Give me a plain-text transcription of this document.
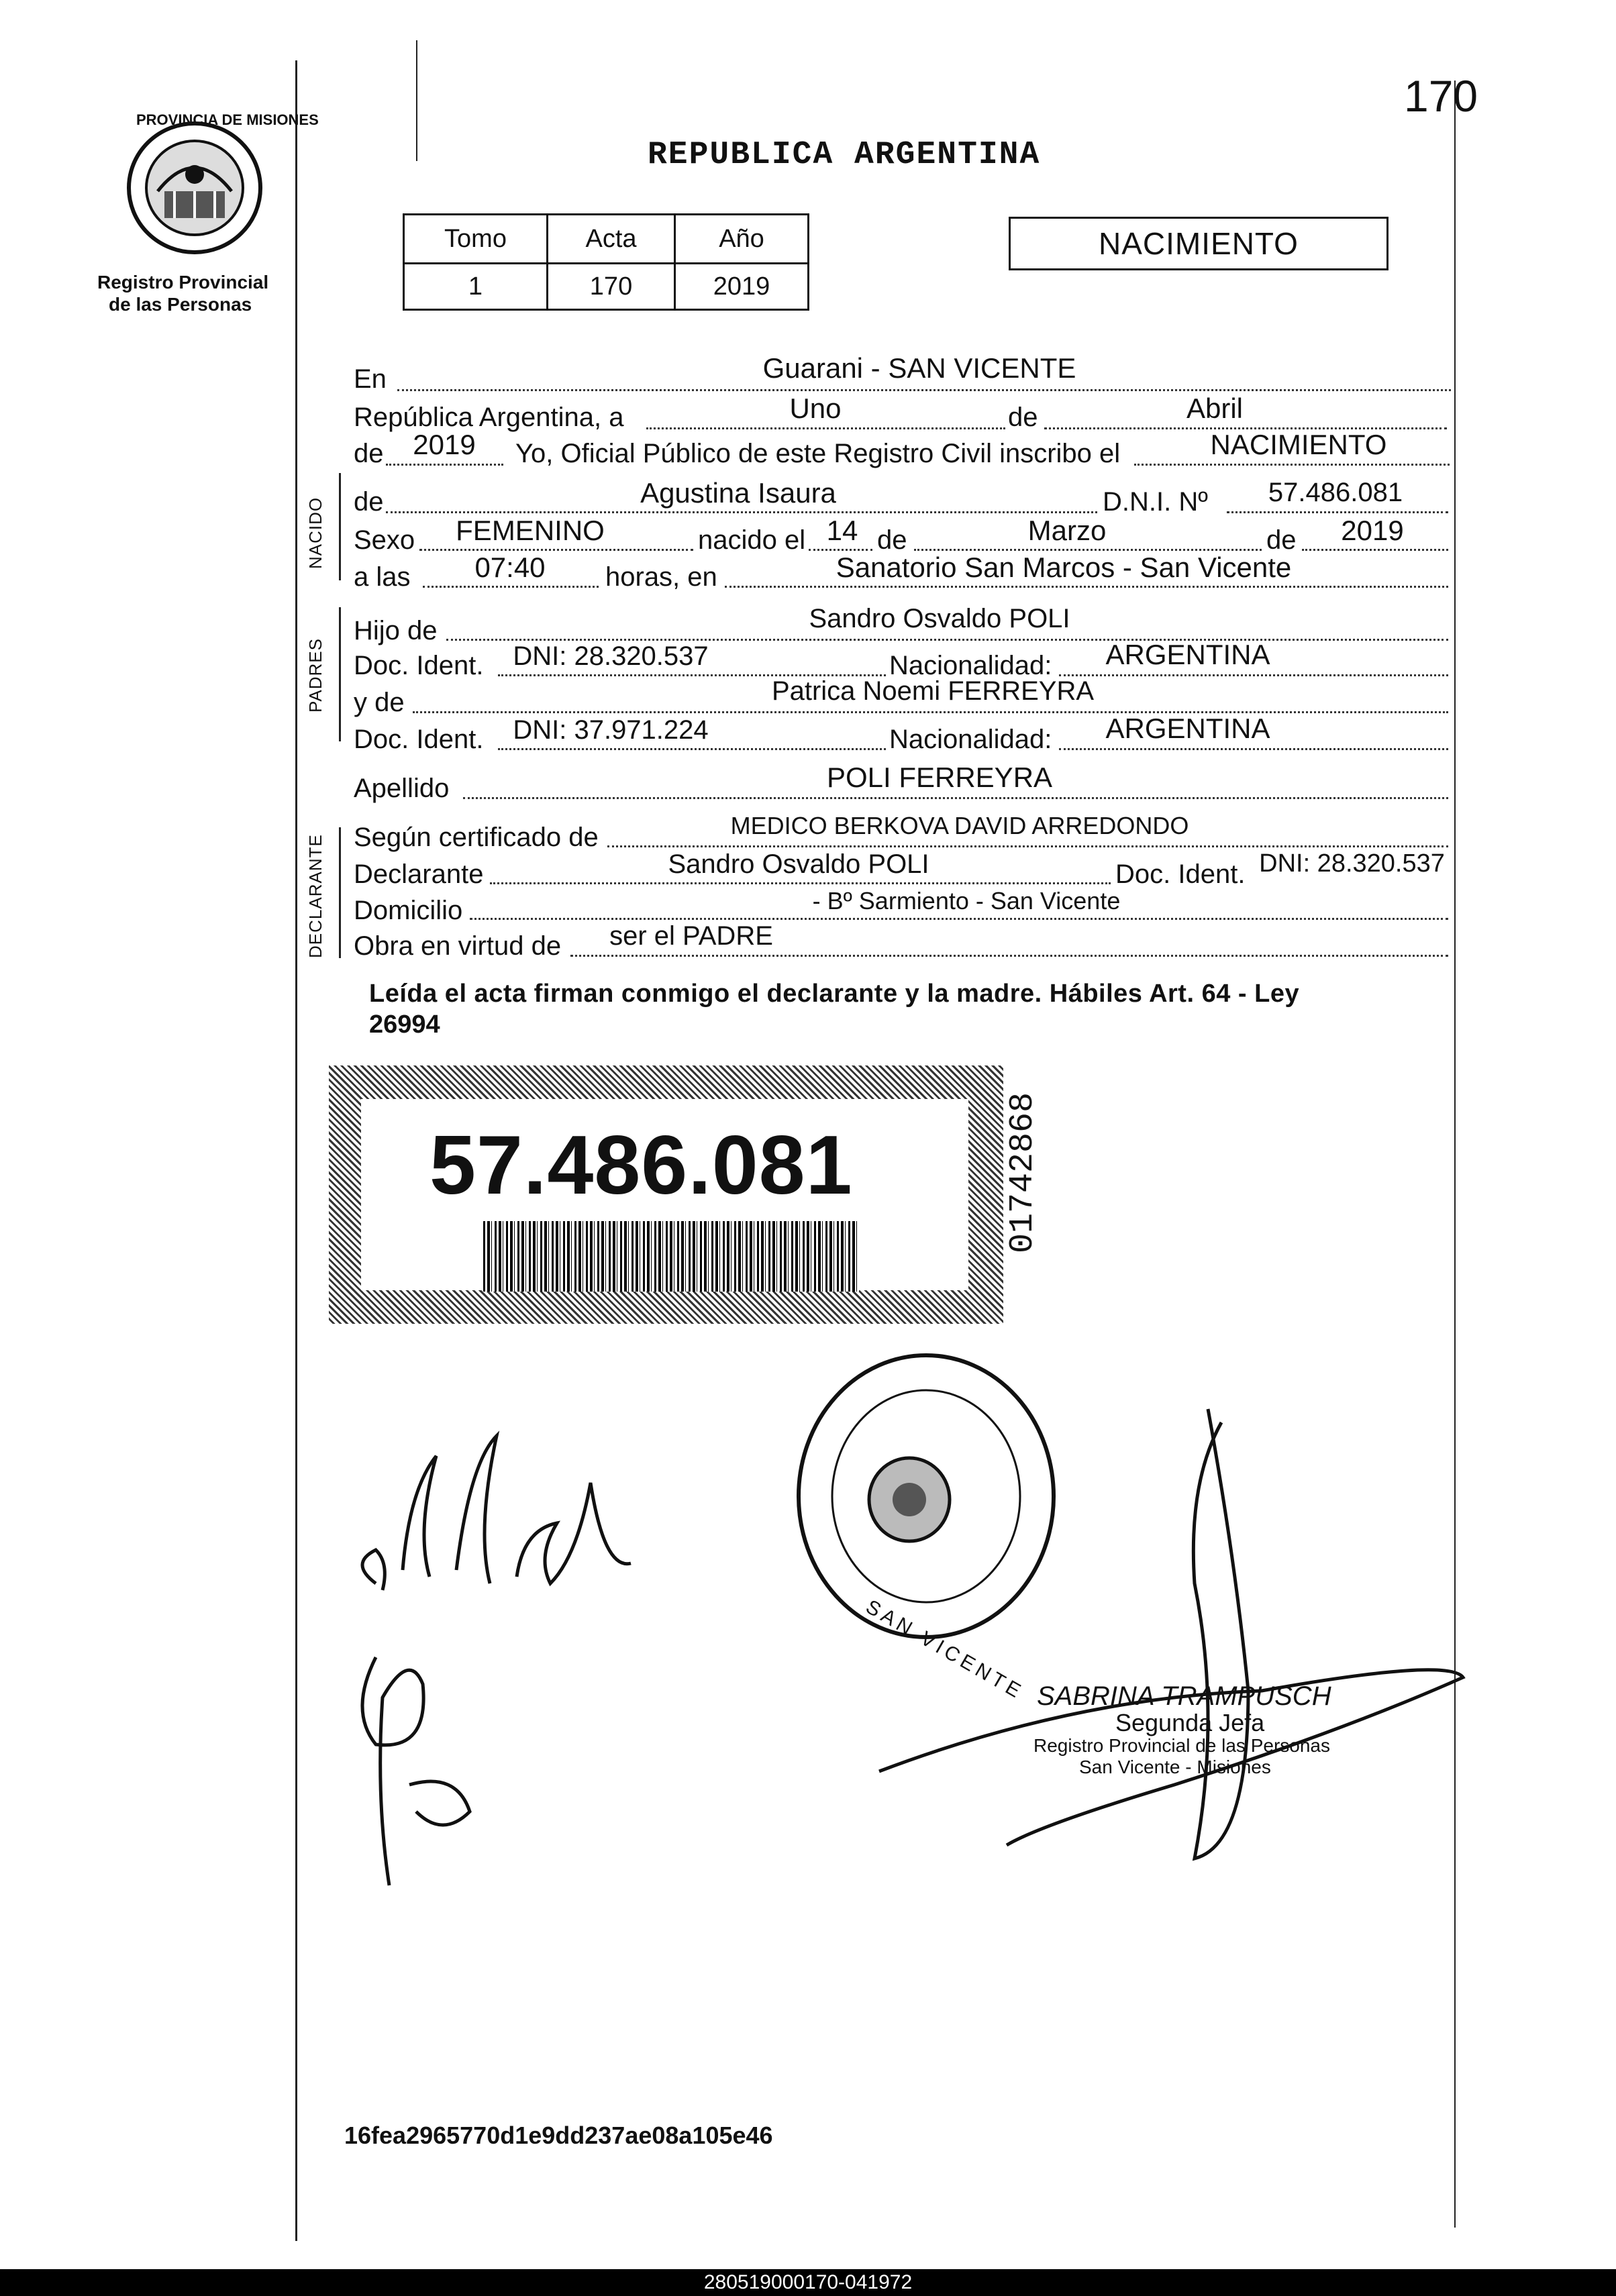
170
PROVINCIA DE MISIONES
Registro Provincial
de las Personas
REPUBLICA ARGENTINA
Tomo	Acta	Año
1	170	2019
NACIMIENTO
NACIDO
PADRES
DECLARANTE
En	Guarani - SAN VICENTE
República Argentina, a	Uno	de	Abril
de	2019	Yo, Oficial Público de este Registro Civil inscribo el	NACIMIENTO
de	Agustina Isaura	D.N.I. Nº	57.486.081
Sexo	FEMENINO	nacido el 14 de	Marzo	de	2019
a las	07:40	horas, en	Sanatorio San Marcos - San Vicente
Hijo de	Sandro Osvaldo POLI
Doc. Ident.	DNI: 28.320.537	Nacionalidad:	ARGENTINA
y de	Patrica Noemi FERREYRA
Doc. Ident.	DNI: 37.971.224	Nacionalidad:	ARGENTINA
Apellido	POLI FERREYRA
Según certificado de	MEDICO BERKOVA DAVID ARREDONDO
Declarante	Sandro Osvaldo POLI	Doc. Ident. DNI: 28.320.537
Domicilio	- Bº Sarmiento - San Vicente
Obra en virtud de	ser el PADRE
Leída el acta firman conmigo el declarante y la madre. Hábiles Art. 64 - Ley
26994
57.486.081	01742868
SAN VICENTE SABRINA TRAMPUSCH
Segunda Jefa
Registro Provincial de las Personas
San Vicente - Misiones
16fea2965770d1e9dd237ae08a105e46
280519000170-041972
